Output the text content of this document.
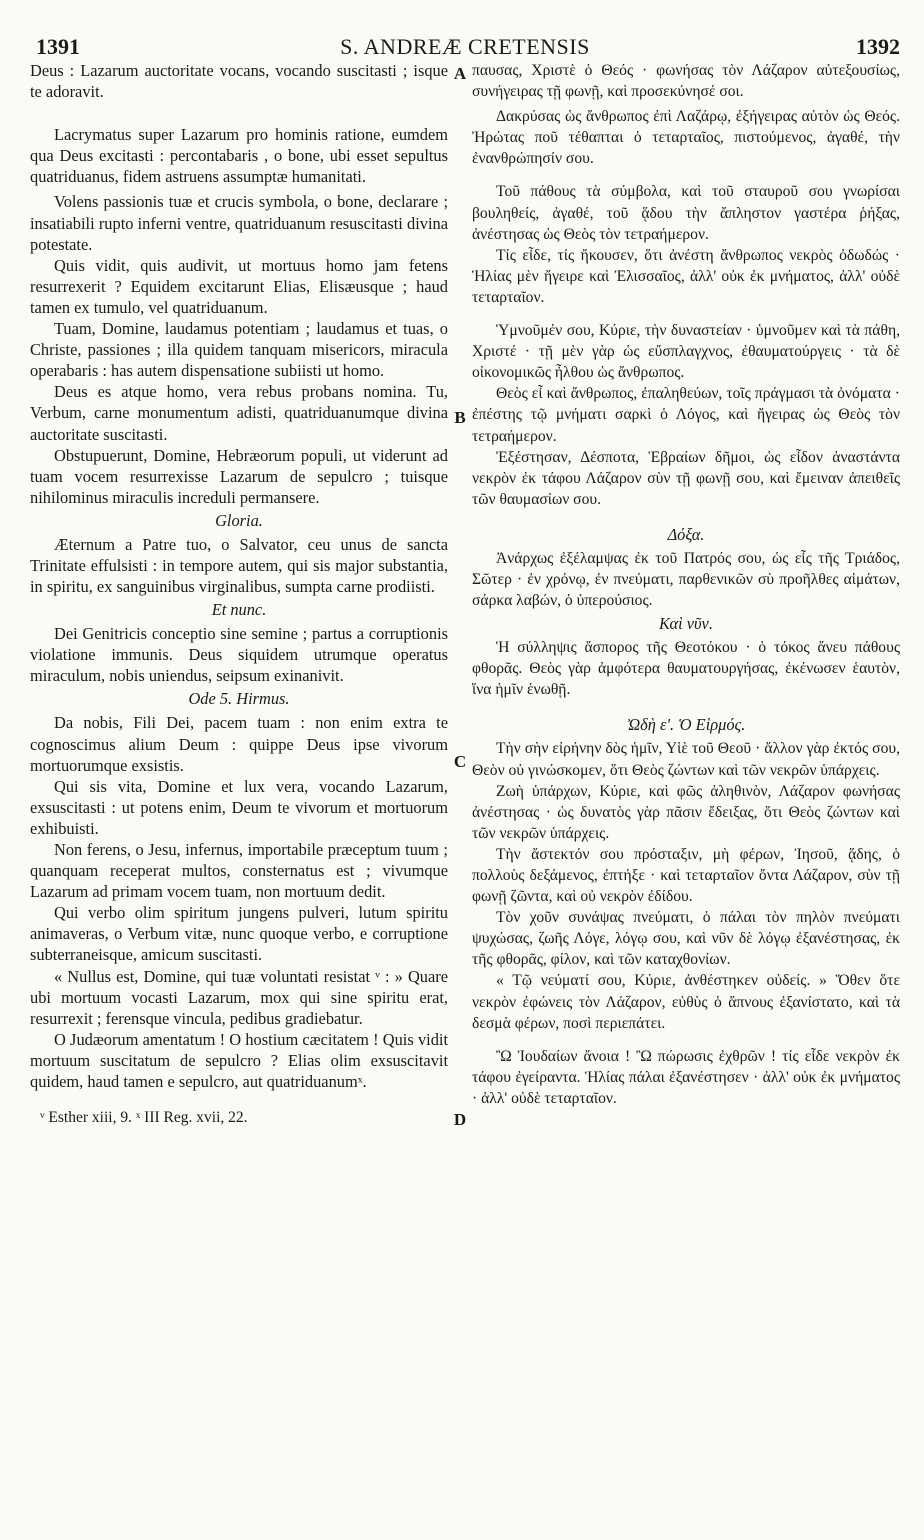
1391	S. ANDREÆ CRETENSIS	1392
A
B
C
D

Deus : Lazarum auctoritate vocans, vocando suscitasti ; isque te adoravit.

Lacrymatus super Lazarum pro hominis ratione, eumdem qua Deus excitasti : percontabaris , o bone, ubi esset sepultus quatriduanus, fidem astruens assumptæ humanitati.

Volens passionis tuæ et crucis symbola, o bone, declarare ; insatiabili rupto inferni ventre, quatriduanum resuscitasti divina potestate.

Quis vidit, quis audivit, ut mortuus homo jam fetens resurrexerit ? Equidem excitarunt Elias, Elisæusque ; haud tamen ex tumulo, vel quatriduanum.

Tuam, Domine, laudamus potentiam ; laudamus et tuas, o Christe, passiones ; illa quidem tanquam misericors, miracula operabaris : has autem dispensatione subiisti ut homo.

Deus es atque homo, vera rebus probans nomina. Tu, Verbum, carne monumentum adisti, quatriduanumque divina auctoritate suscitasti.

Obstupuerunt, Domine, Hebræorum populi, ut viderunt ad tuam vocem resurrexisse Lazarum de sepulcro ; tuisque nihilominus miraculis increduli permansere.

Gloria.

Æternum a Patre tuo, o Salvator, ceu unus de sancta Trinitate effulsisti : in tempore autem, qui sis major substantia, in spiritu, ex sanguinibus virginalibus, sumpta carne prodiisti.

Et nunc.

Dei Genitricis conceptio sine semine ; partus a corruptionis violatione immunis. Deus siquidem utrumque operatus miraculum, nobis uniendus, seipsum exinanivit.

Ode 5. Hirmus.

Da nobis, Fili Dei, pacem tuam : non enim extra te cognoscimus alium Deum : quippe Deus ipse vivorum mortuorumque exsistis.

Qui sis vita, Domine et lux vera, vocando Lazarum, exsuscitasti : ut potens enim, Deum te vivorum et mortuorum exhibuisti.

Non ferens, o Jesu, infernus, importabile præceptum tuum ; quanquam receperat multos, consternatus est ; vivumque Lazarum ad primam vocem tuam, non mortuum dedit.

Qui verbo olim spiritum jungens pulveri, lutum spiritu animaveras, o Verbum vitæ, nunc quoque verbo, e corruptione subterraneisque, amicum suscitasti.

« Nullus est, Domine, qui tuæ voluntati resistat ᵛ : » Quare ubi mortuum vocasti Lazarum, mox qui sine spiritu erat, resurrexit ; ferensque vincula, pedibus gradiebatur.

O Judæorum amentatum ! O hostium cæcitatem ! Quis vidit mortuum suscitatum de sepulcro ? Elias olim exsuscitavit quidem, haud tamen e sepulcro, aut quatriduanumˣ.

ᵛ Esther xiii, 9. ˣ III Reg. xvii, 22.

παυσας, Χριστὲ ὁ Θεός · φωνήσας τὸν Λάζαρον αὐτεξουσίως, συνήγειρας τῇ φωνῇ, καὶ προσεκύνησέ σοι.

Δακρύσας ὡς ἄνθρωπος ἐπὶ Λαζάρῳ, ἐξήγειρας αὐτὸν ὡς Θεός. Ἠρώτας ποῦ τέθαπται ὁ τεταρταῖος, πιστούμενος, ἀγαθέ, τὴν ἐνανθρώπησίν σου.

Τοῦ πάθους τὰ σύμβολα, καὶ τοῦ σταυροῦ σου γνωρίσαι βουληθείς, ἀγαθέ, τοῦ ᾅδου τὴν ἄπληστον γαστέρα ῥήξας, ἀνέστησας ὡς Θεὸς τὸν τετραήμερον.

Τίς εἶδε, τίς ἤκουσεν, ὅτι ἀνέστη ἄνθρωπος νεκρὸς ὀδωδώς · Ἡλίας μὲν ἤγειρε καὶ Ἐλισσαῖος, ἀλλ' οὐκ ἐκ μνήματος, ἀλλ' οὐδὲ τεταρταῖον.

Ὑμνοῦμέν σου, Κύριε, τὴν δυναστείαν · ὑμνοῦμεν καὶ τὰ πάθη, Χριστέ · τῇ μὲν γὰρ ὡς εὔσπλαγχνος, ἐθαυματούργεις · τὰ δὲ οἰκονομικῶς ἦλθου ὡς ἄνθρωπος.

Θεὸς εἶ καὶ ἄνθρωπος, ἐπαληθεύων, τοῖς πράγμασι τὰ ὀνόματα · ἐπέστης τῷ μνήματι σαρκὶ ὁ Λόγος, καὶ ἤγειρας ὡς Θεὸς τὸν τετραήμερον.

Ἐξέστησαν, Δέσποτα, Ἑβραίων δῆμοι, ὡς εἶδον ἀναστάντα νεκρὸν ἐκ τάφου Λάζαρον σὺν τῇ φωνῇ σου, καὶ ἔμειναν ἀπειθεῖς τῶν θαυμασίων σου.

Δόξα.

Ἀνάρχως ἐξέλαμψας ἐκ τοῦ Πατρός σου, ὡς εἷς τῆς Τριάδος, Σῶτερ · ἐν χρόνῳ, ἐν πνεύματι, παρθενικῶν σὺ προῆλθες αἱμάτων, σάρκα λαβών, ὁ ὑπερούσιος.

Καὶ νῦν.

Ἡ σύλληψις ἄσπορος τῆς Θεοτόκου · ὁ τόκος ἄνευ πάθους φθορᾶς. Θεὸς γὰρ ἀμφότερα θαυματουργήσας, ἐκένωσεν ἑαυτὸν, ἵνα ἡμῖν ἑνωθῇ.

Ὠδὴ ε'. Ὁ Εἱρμός.

Τὴν σὴν εἰρήνην δὸς ἡμῖν, Υἱὲ τοῦ Θεοῦ · ἄλλον γὰρ ἐκτός σου, Θεὸν οὐ γινώσκομεν, ὅτι Θεὸς ζώντων καὶ τῶν νεκρῶν ὑπάρχεις.

Ζωὴ ὑπάρχων, Κύριε, καὶ φῶς ἀληθινὸν, Λάζαρον φωνήσας ἀνέστησας · ὡς δυνατὸς γὰρ πᾶσιν ἔδειξας, ὅτι Θεὸς ζώντων καὶ τῶν νεκρῶν ὑπάρχεις.

Τὴν ἄστεκτόν σου πρόσταξιν, μὴ φέρων, Ἰησοῦ, ᾅδης, ὁ πολλοὺς δεξάμενος, ἐπτήξε · καὶ τεταρταῖον ὄντα Λάζαρον, σὺν τῇ φωνῇ ζῶντα, καὶ οὐ νεκρὸν ἐδίδου.

Τὸν χοῦν συνάψας πνεύματι, ὁ πάλαι τὸν πηλὸν πνεύματι ψυχώσας, ζωῆς Λόγε, λόγῳ σου, καὶ νῦν δὲ λόγῳ ἐξανέστησας, ἐκ τῆς φθορᾶς, φίλον, καὶ τῶν καταχθονίων.

« Τῷ νεύματί σου, Κύριε, ἀνθέστηκεν οὐδείς. » Ὅθεν ὅτε νεκρὸν ἐφώνεις τὸν Λάζαρον, εὐθὺς ὁ ἄπνους ἐξανίστατο, καὶ τὰ δεσμὰ φέρων, ποσὶ περιεπάτει.

Ὢ Ἰουδαίων ἄνοια ! Ὢ πώρωσις ἐχθρῶν ! τίς εἶδε νεκρὸν ἐκ τάφου ἐγείραντα. Ἡλίας πάλαι ἐξανέστησεν · ἀλλ' οὐκ ἐκ μνήματος · ἀλλ' οὐδὲ τεταρταῖον.
